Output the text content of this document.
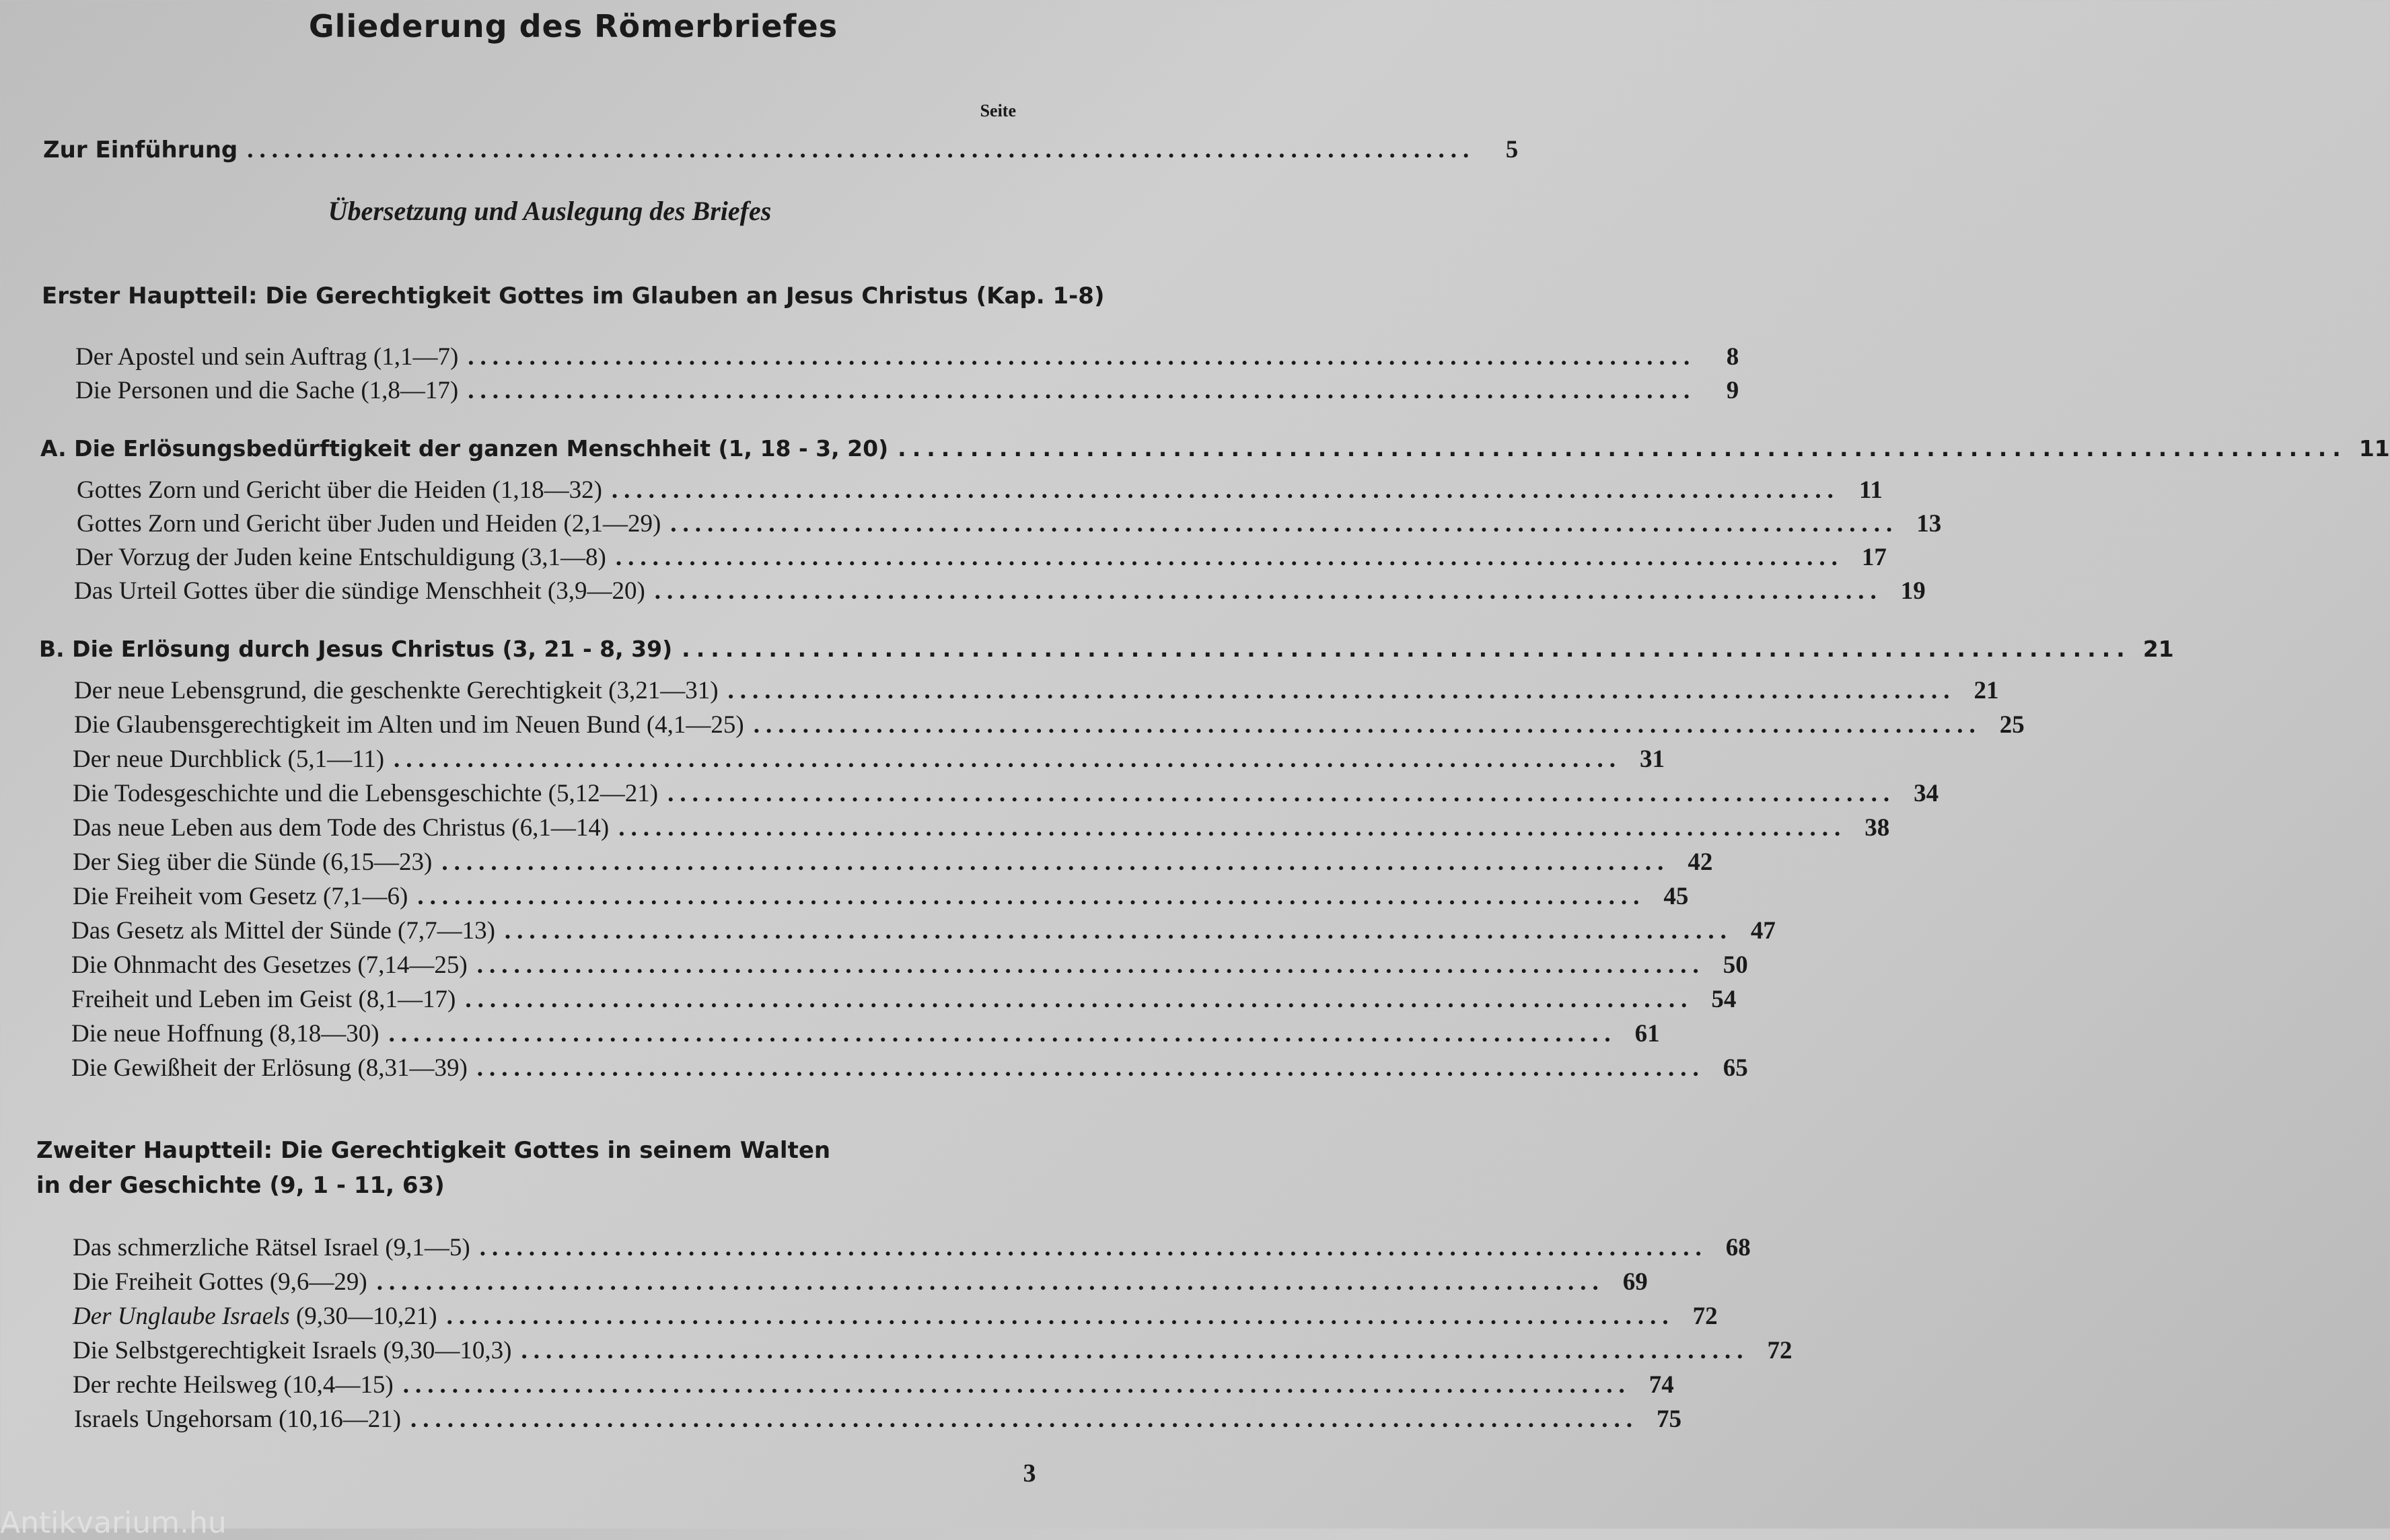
Gliederung des Römerbriefes
Seite
Zur Einführung ....................................................................................................	5
Übersetzung und Auslegung des Briefes
Erster Hauptteil: Die Gerechtigkeit Gottes im Glauben an Jesus Christus (Kap. 1-8)
Der Apostel und sein Auftrag (1,1—7) ....................................................................................................	8
Die Personen und die Sache (1,8—17) ....................................................................................................	9
A. Die Erlösungsbedürftigkeit der ganzen Menschheit (1, 18 - 3, 20) .................................................................................................... 11
Gottes Zorn und Gericht über die Heiden (1,18—32) .................................................................................................... 11
Gottes Zorn und Gericht über Juden und Heiden (2,1—29) .................................................................................................... 13
Der Vorzug der Juden keine Entschuldigung (3,1—8) .................................................................................................... 17
Das Urteil Gottes über die sündige Menschheit (3,9—20) .................................................................................................... 19
B. Die Erlösung durch Jesus Christus (3, 21 - 8, 39) .................................................................................................... 21
Der neue Lebensgrund, die geschenkte Gerechtigkeit (3,21—31) .................................................................................................... 21
Die Glaubensgerechtigkeit im Alten und im Neuen Bund (4,1—25) .................................................................................................... 25
Der neue Durchblick (5,1—11) .................................................................................................... 31
Die Todesgeschichte und die Lebensgeschichte (5,12—21) .................................................................................................... 34
Das neue Leben aus dem Tode des Christus (6,1—14) .................................................................................................... 38
Der Sieg über die Sünde (6,15—23) .................................................................................................... 42
Die Freiheit vom Gesetz (7,1—6) .................................................................................................... 45
Das Gesetz als Mittel der Sünde (7,7—13) .................................................................................................... 47
Die Ohnmacht des Gesetzes (7,14—25) .................................................................................................... 50
Freiheit und Leben im Geist (8,1—17) .................................................................................................... 54
Die neue Hoffnung (8,18—30) .................................................................................................... 61
Die Gewißheit der Erlösung (8,31—39) .................................................................................................... 65
Zweiter Hauptteil: Die Gerechtigkeit Gottes in seinem Walten
in der Geschichte (9, 1 - 11, 63)
Das schmerzliche Rätsel Israel (9,1—5) .................................................................................................... 68
Die Freiheit Gottes (9,6—29) .................................................................................................... 69
Der Unglaube Israels (9,30—10,21) .................................................................................................... 72
Die Selbstgerechtigkeit Israels (9,30—10,3) .................................................................................................... 72
Der rechte Heilsweg (10,4—15) .................................................................................................... 74
Israels Ungehorsam (10,16—21) .................................................................................................... 75
3
Antikvarium.hu
